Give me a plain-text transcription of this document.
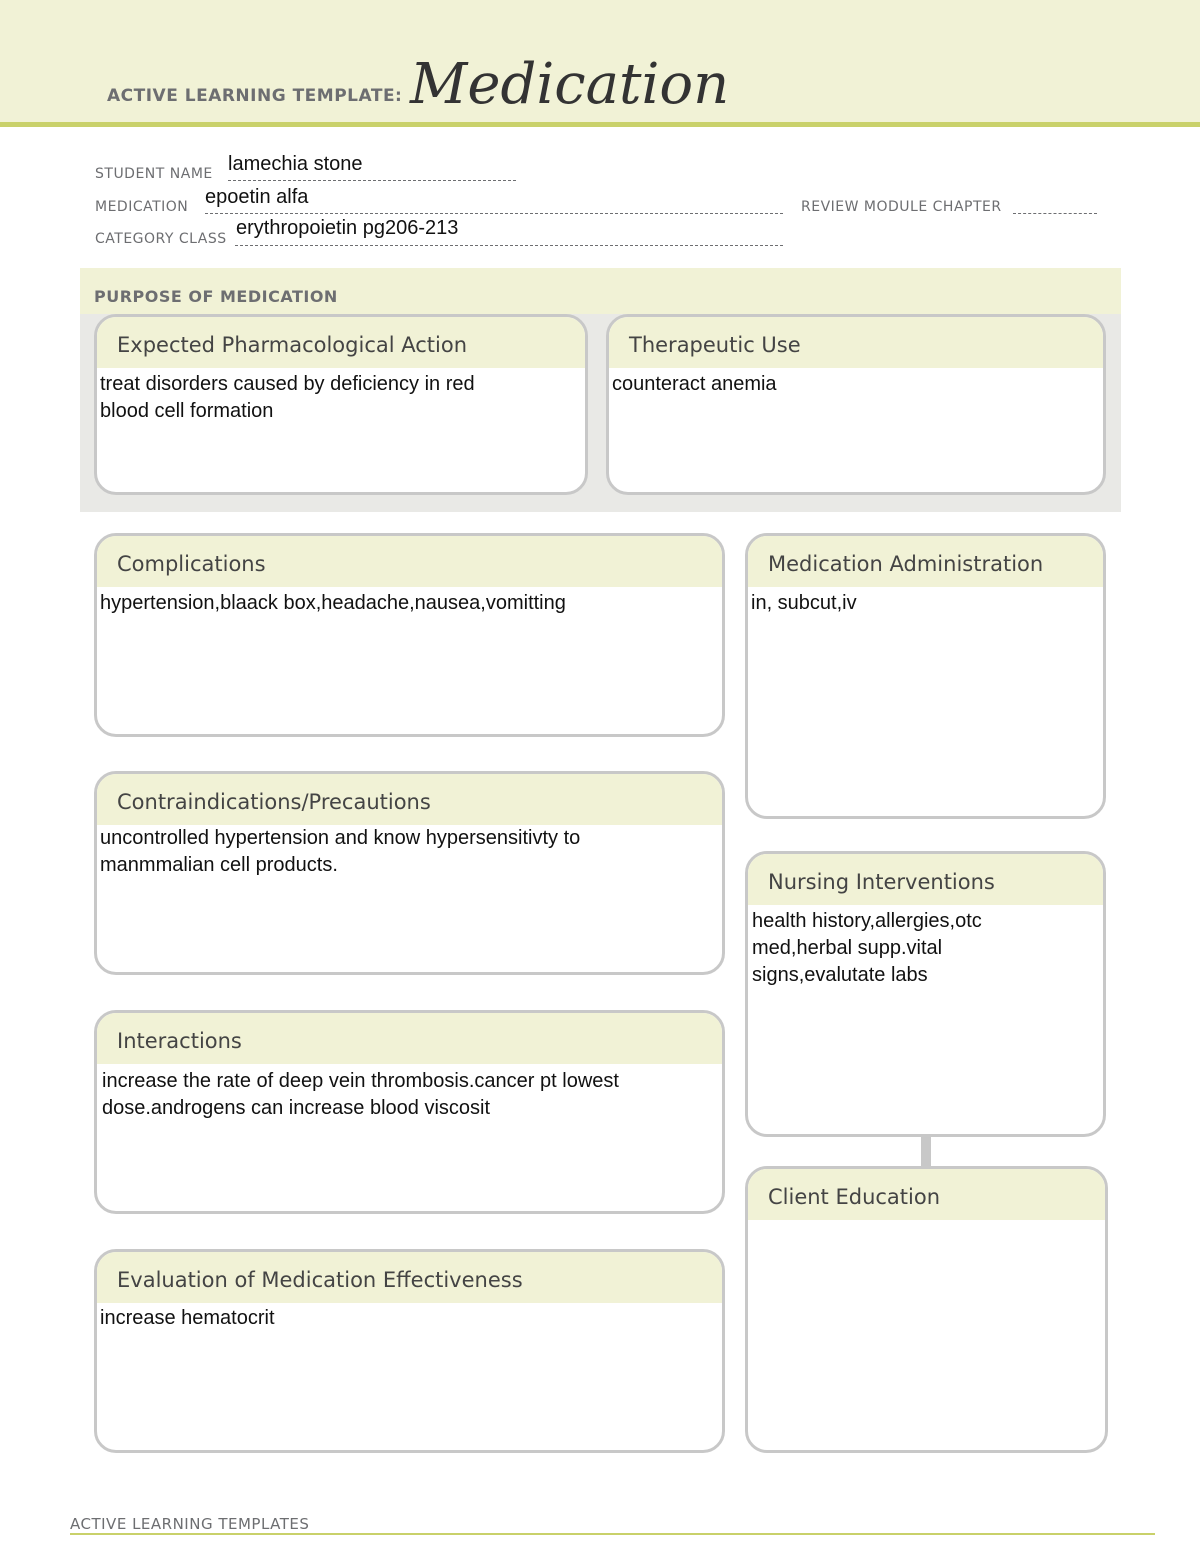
ACTIVE LEARNING TEMPLATE: Medication
STUDENT NAME lamechia stone
MEDICATION epoetin alfa	REVIEW MODULE CHAPTER
CATEGORY CLASS erythropoietin pg206-213
PURPOSE OF MEDICATION
Expected Pharmacological Action
treat disorders caused by deficiency in red
blood cell formation
Therapeutic Use
counteract anemia
Complications
hypertension,blaack box,headache,nausea,vomitting
Contraindications/Precautions
uncontrolled hypertension and know hypersensitivty to
manmmalian cell products.
Interactions
increase the rate of deep vein thrombosis.cancer pt lowest
dose.androgens can increase blood viscosit
Evaluation of Medication Effectiveness
increase hematocrit
Medication Administration
in, subcut,iv
Nursing Interventions
health history,allergies,otc
med,herbal supp.vital
signs,evalutate labs
Client Education
ACTIVE LEARNING TEMPLATES
